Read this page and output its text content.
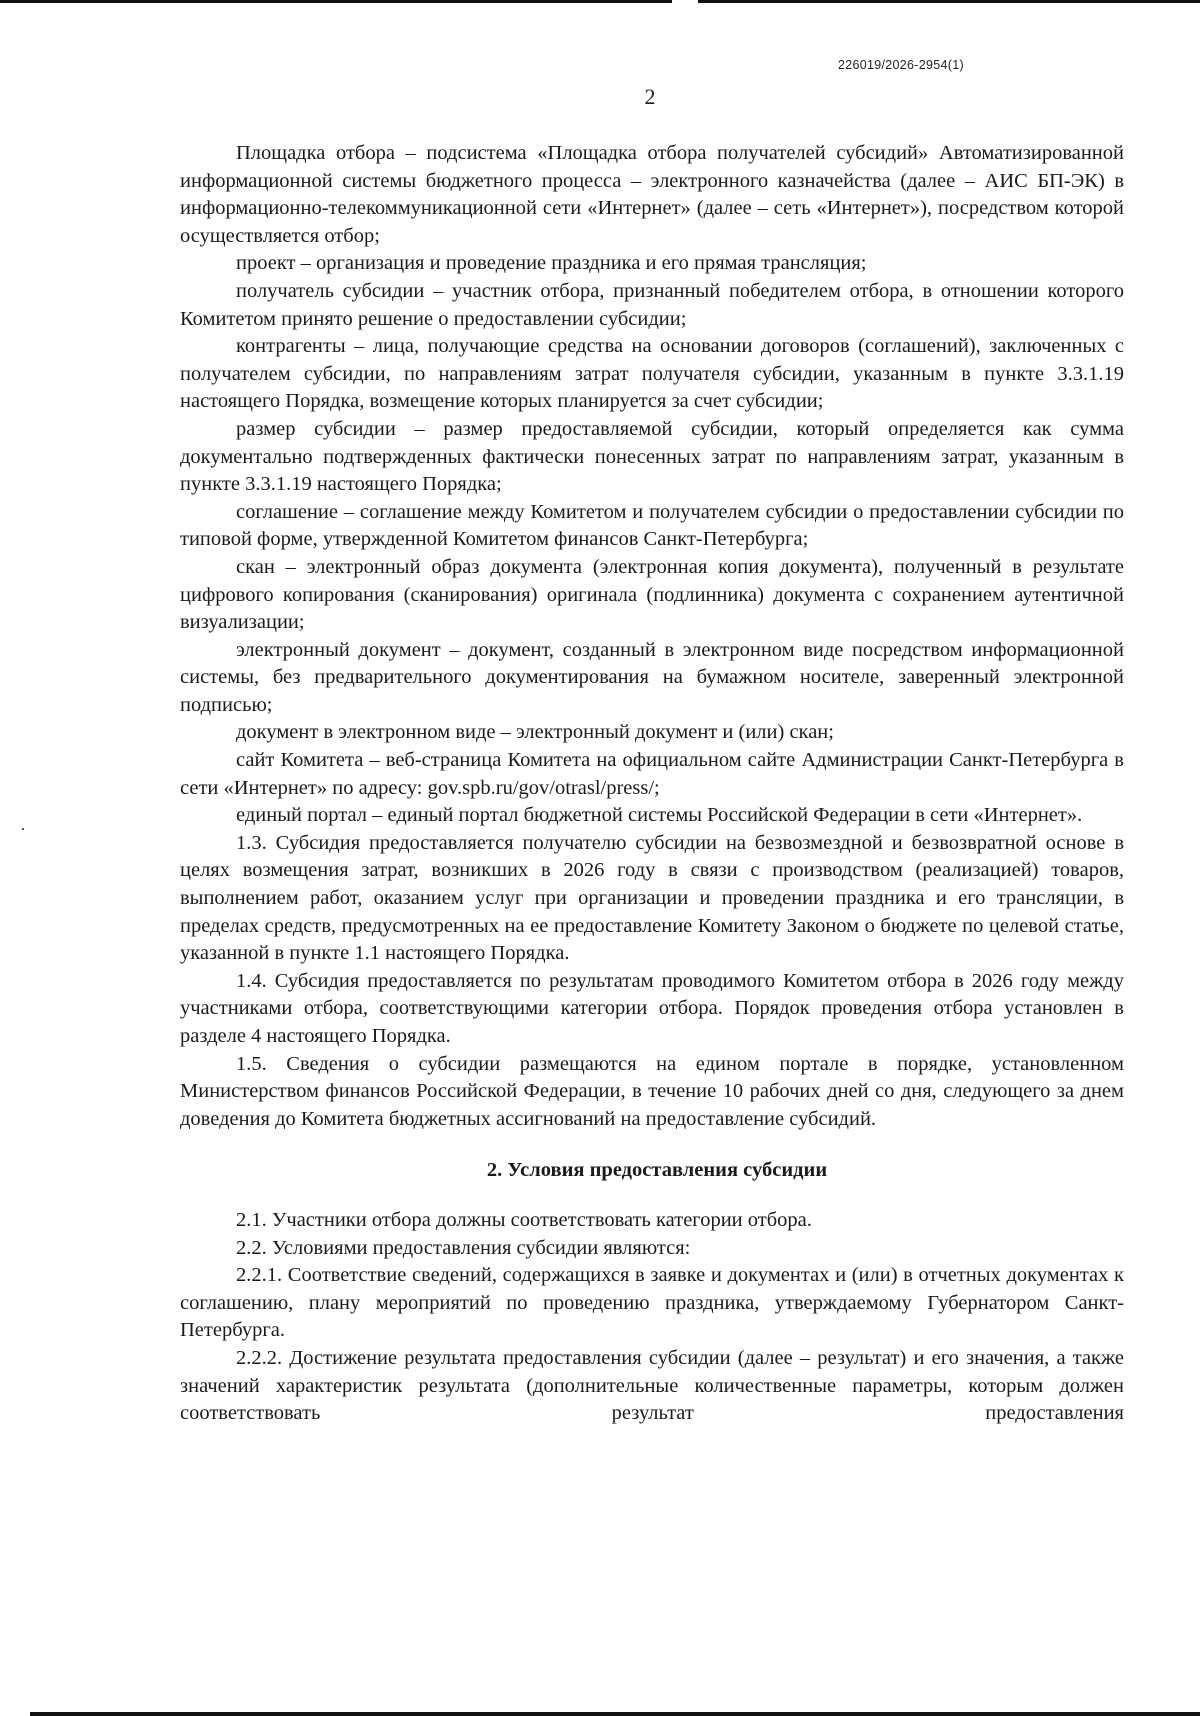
226019/2026-2954(1)
2

Площадка отбора – подсистема «Площадка отбора получателей субсидий» Автоматизированной информационной системы бюджетного процесса – электронного казначейства (далее – АИС БП-ЭК) в информационно-телекоммуникационной сети «Интернет» (далее – сеть «Интернет»), посредством которой осуществляется отбор;

проект – организация и проведение праздника и его прямая трансляция;

получатель субсидии – участник отбора, признанный победителем отбора, в отношении которого Комитетом принято решение о предоставлении субсидии;

контрагенты – лица, получающие средства на основании договоров (соглашений), заключенных с получателем субсидии, по направлениям затрат получателя субсидии, указанным в пункте 3.3.1.19 настоящего Порядка, возмещение которых планируется за счет субсидии;

размер субсидии – размер предоставляемой субсидии, который определяется как сумма документально подтвержденных фактически понесенных затрат по направлениям затрат, указанным в пункте 3.3.1.19 настоящего Порядка;

соглашение – соглашение между Комитетом и получателем субсидии о предоставлении субсидии по типовой форме, утвержденной Комитетом финансов Санкт-Петербурга;

скан – электронный образ документа (электронная копия документа), полученный в результате цифрового копирования (сканирования) оригинала (подлинника) документа с сохранением аутентичной визуализации;

электронный документ – документ, созданный в электронном виде посредством информационной системы, без предварительного документирования на бумажном носителе, заверенный электронной подписью;

документ в электронном виде – электронный документ и (или) скан;

сайт Комитета – веб-страница Комитета на официальном сайте Администрации Санкт-Петербурга в сети «Интернет» по адресу: gov.spb.ru/gov/otrasl/press/;

единый портал – единый портал бюджетной системы Российской Федерации в сети «Интернет».

1.3. Субсидия предоставляется получателю субсидии на безвозмездной и безвозвратной основе в целях возмещения затрат, возникших в 2026 году в связи с производством (реализацией) товаров, выполнением работ, оказанием услуг при организации и проведении праздника и его трансляции, в пределах средств, предусмотренных на ее предоставление Комитету Законом о бюджете по целевой статье, указанной в пункте 1.1 настоящего Порядка.

1.4. Субсидия предоставляется по результатам проводимого Комитетом отбора в 2026 году между участниками отбора, соответствующими категории отбора. Порядок проведения отбора установлен в разделе 4 настоящего Порядка.

1.5. Сведения о субсидии размещаются на едином портале в порядке, установленном Министерством финансов Российской Федерации, в течение 10 рабочих дней со дня, следующего за днем доведения до Комитета бюджетных ассигнований на предоставление субсидий.

2. Условия предоставления субсидии

2.1. Участники отбора должны соответствовать категории отбора.

2.2. Условиями предоставления субсидии являются:

2.2.1. Соответствие сведений, содержащихся в заявке и документах и (или) в отчетных документах к соглашению, плану мероприятий по проведению праздника, утверждаемому Губернатором Санкт-Петербурга.

2.2.2. Достижение результата предоставления субсидии (далее – результат) и его значения, а также значений характеристик результата (дополнительные количественные параметры, которым должен соответствовать результат предоставления
